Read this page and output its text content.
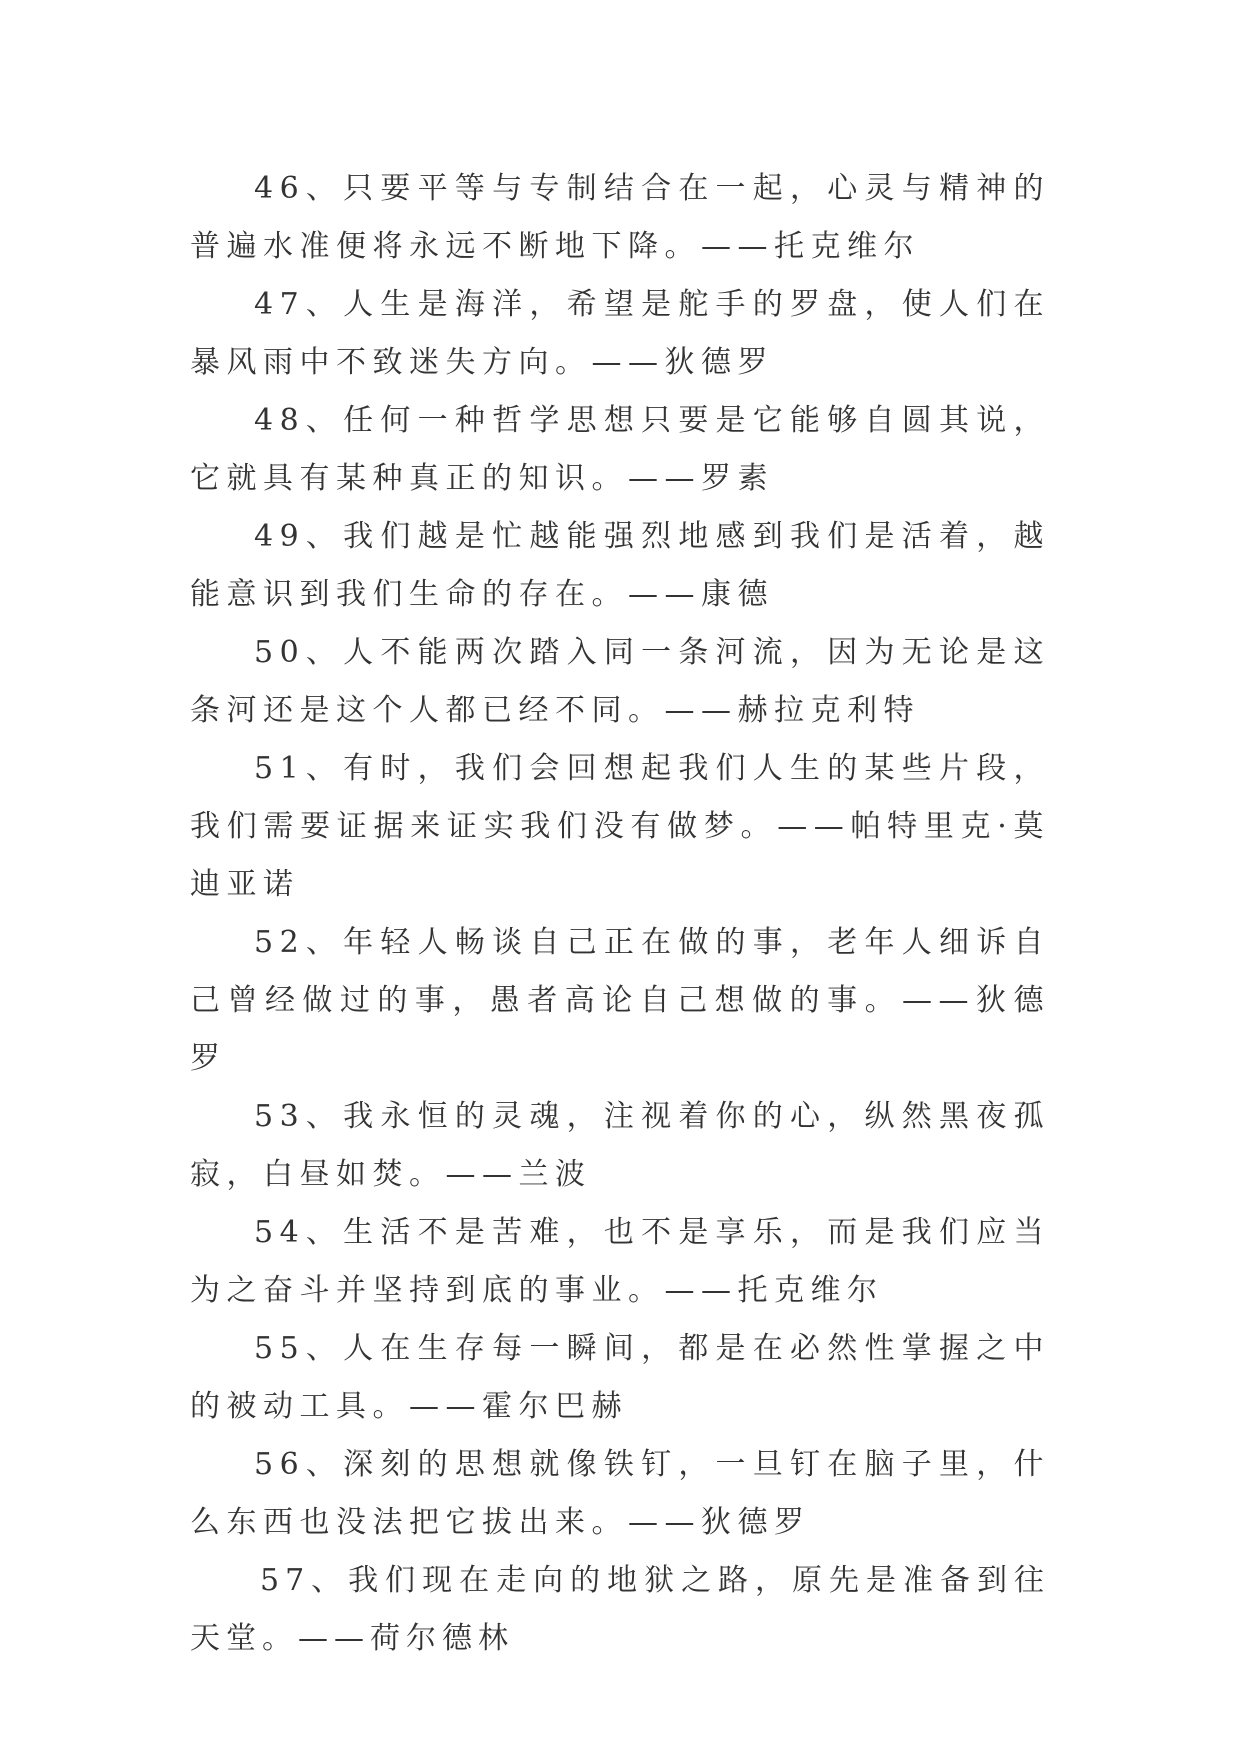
46、只要平等与专制结合在一起，心灵与精神的普遍水准便将永远不断地下降。——托克维尔

47、人生是海洋，希望是舵手的罗盘，使人们在暴风雨中不致迷失方向。——狄德罗

48、任何一种哲学思想只要是它能够自圆其说，它就具有某种真正的知识。——罗素

49、我们越是忙越能强烈地感到我们是活着，越能意识到我们生命的存在。——康德

50、人不能两次踏入同一条河流，因为无论是这条河还是这个人都已经不同。——赫拉克利特

51、有时，我们会回想起我们人生的某些片段，我们需要证据来证实我们没有做梦。——帕特里克·莫迪亚诺

52、年轻人畅谈自己正在做的事，老年人细诉自己曾经做过的事，愚者高论自己想做的事。——狄德罗

53、我永恒的灵魂，注视着你的心，纵然黑夜孤寂，白昼如焚。——兰波

54、生活不是苦难，也不是享乐，而是我们应当为之奋斗并坚持到底的事业。——托克维尔

55、人在生存每一瞬间，都是在必然性掌握之中的被动工具。——霍尔巴赫

56、深刻的思想就像铁钉，一旦钉在脑子里，什么东西也没法把它拔出来。——狄德罗

57、我们现在走向的地狱之路，原先是准备到往天堂。——荷尔德林
